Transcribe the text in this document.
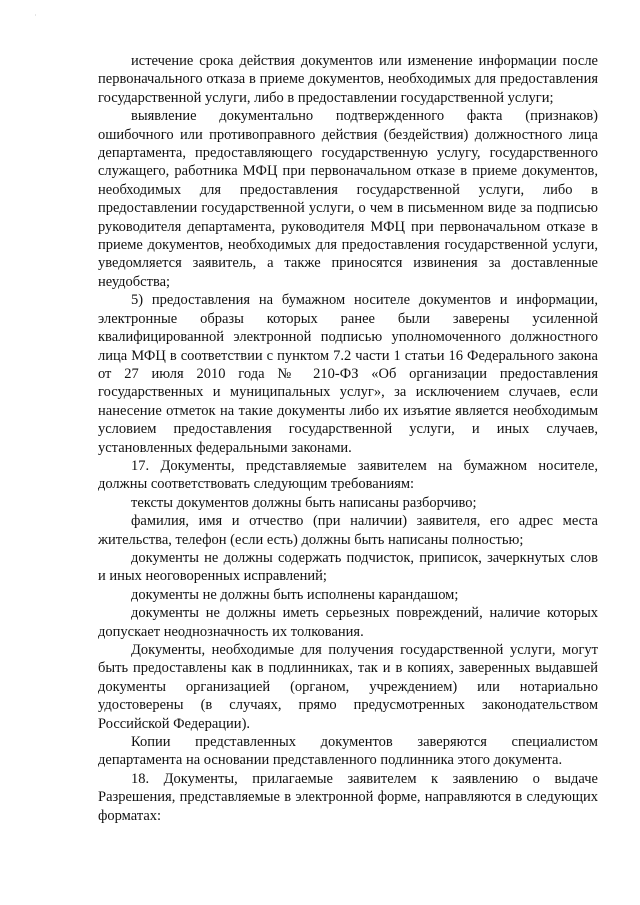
˙

истечение срока действия документов или изменение информации после первоначального отказа в приеме документов, необходимых для предоставления государственной услуги, либо в предоставлении государственной услуги;

выявление документально подтвержденного факта (признаков) ошибочного или противоправного действия (бездействия) должностного лица департамента, предоставляющего государственную услугу, государственного служащего, работника МФЦ при первоначальном отказе в приеме документов, необходимых для предоставления государственной услуги, либо в предоставлении государственной услуги, о чем в письменном виде за подписью руководителя департамента, руководителя МФЦ при первоначальном отказе в приеме документов, необходимых для предоставления государственной услуги, уведомляется заявитель, а также приносятся извинения за доставленные неудобства;

5) предоставления на бумажном носителе документов и информации, электронные образы которых ранее были заверены усиленной квалифицированной электронной подписью уполномоченного должностного лица МФЦ в соответствии с пунктом 7.2 части 1 статьи 16 Федерального закона от 27 июля 2010 года № 210-ФЗ «Об организации предоставления государственных и муниципальных услуг», за исключением случаев, если нанесение отметок на такие документы либо их изъятие является необходимым условием предоставления государственной услуги, и иных случаев, установленных федеральными законами.

17. Документы, представляемые заявителем на бумажном носителе, должны соответствовать следующим требованиям:

тексты документов должны быть написаны разборчиво;

фамилия, имя и отчество (при наличии) заявителя, его адрес места жительства, телефон (если есть) должны быть написаны полностью;

документы не должны содержать подчисток, приписок, зачеркнутых слов и иных неоговоренных исправлений;

документы не должны быть исполнены карандашом;

документы не должны иметь серьезных повреждений, наличие которых допускает неоднозначность их толкования.

Документы, необходимые для получения государственной услуги, могут быть предоставлены как в подлинниках, так и в копиях, заверенных выдавшей документы организацией (органом, учреждением) или нотариально удостоверены (в случаях, прямо предусмотренных законодательством Российской Федерации).

Копии представленных документов заверяются специалистом департамента на основании представленного подлинника этого документа.

18. Документы, прилагаемые заявителем к заявлению о выдаче Разрешения, представляемые в электронной форме, направляются в следующих форматах:
